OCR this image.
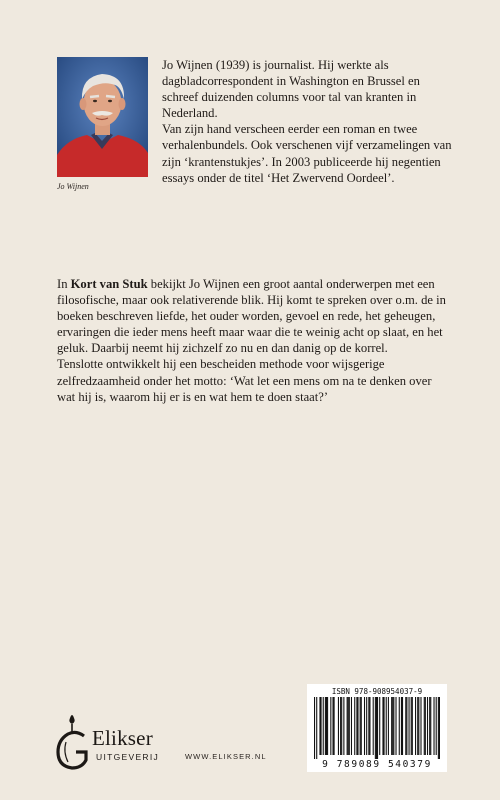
Jo Wijnen

Jo Wijnen (1939) is journalist. Hij werkte als dagbladcorrespondent in Washington en Brussel en schreef duizenden columns voor tal van kranten in Nederland.

Van zijn hand verscheen eerder een roman en twee verhalenbundels. Ook verschenen vijf verzamelingen van zijn ‘krantenstukjes’. In 2003 publiceerde hij negentien essays onder de titel ‘Het Zwervend Oordeel’.

In Kort van Stuk bekijkt Jo Wijnen een groot aantal onderwerpen met een filosofische, maar ook relativerende blik. Hij komt te spreken over o.m. de in boeken beschreven liefde, het ouder worden, gevoel en rede, het geheugen, ervaringen die ieder mens heeft maar waar die te weinig acht op slaat, en het geluk. Daarbij neemt hij zichzelf zo nu en dan danig op de korrel.

Tenslotte ontwikkelt hij een bescheiden methode voor wijsgerige zelfredzaamheid onder het motto: ‘Wat let een mens om na te denken over wat hij is, waarom hij er is en wat hem te doen staat?’

Elikser
UITGEVERIJ	WWW.ELIKSER.NL
ISBN 978-908954037-9
9 789089 540379
